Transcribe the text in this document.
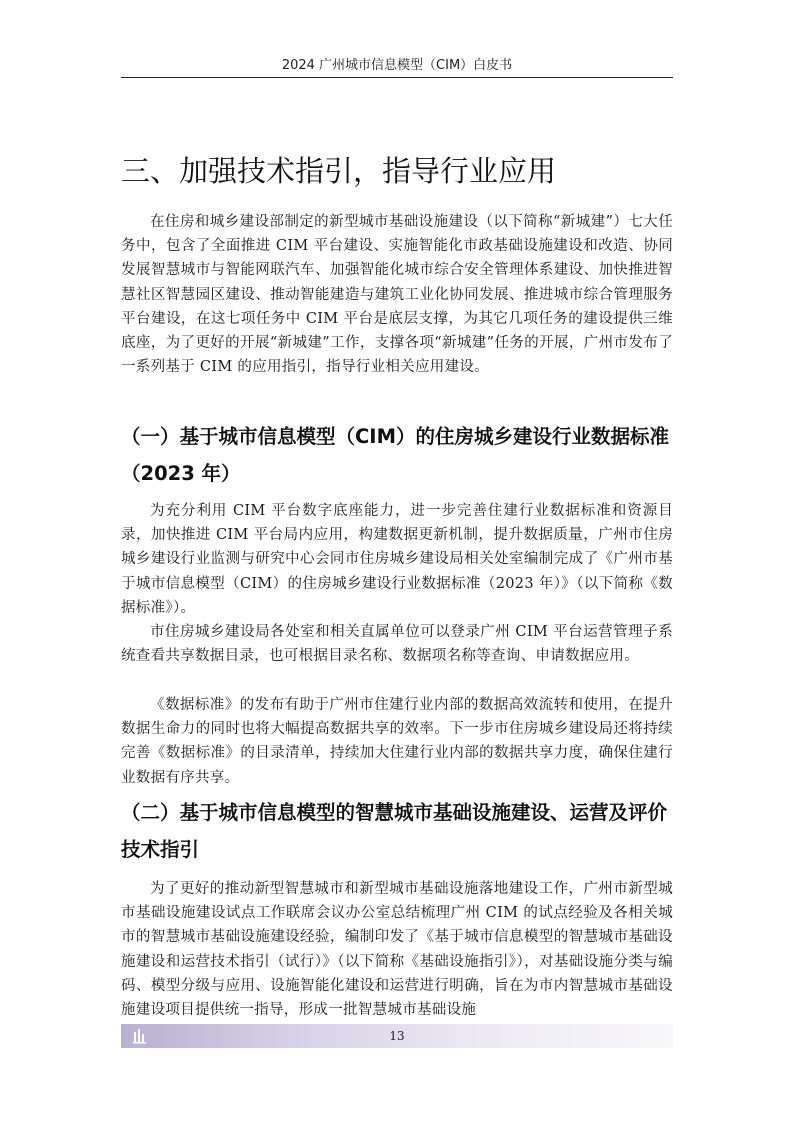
2024 广州城市信息模型（CIM）白皮书
三、加强技术指引，指导行业应用

在住房和城乡建设部制定的新型城市基础设施建设（以下简称“新城建”）七大任务中，包含了全面推进 CIM 平台建设、实施智能化市政基础设施建设和改造、协同发展智慧城市与智能网联汽车、加强智能化城市综合安全管理体系建设、加快推进智慧社区智慧园区建设、推动智能建造与建筑工业化协同发展、推进城市综合管理服务平台建设，在这七项任务中 CIM 平台是底层支撑，为其它几项任务的建设提供三维底座，为了更好的开展“新城建”工作，支撑各项“新城建”任务的开展，广州市发布了一系列基于 CIM 的应用指引，指导行业相关应用建设。

（一）基于城市信息模型（CIM）的住房城乡建设行业数据标准（2023 年）

为充分利用 CIM 平台数字底座能力，进一步完善住建行业数据标准和资源目录，加快推进 CIM 平台局内应用，构建数据更新机制，提升数据质量，广州市住房城乡建设行业监测与研究中心会同市住房城乡建设局相关处室编制完成了《广州市基于城市信息模型（CIM）的住房城乡建设行业数据标准（2023 年）》（以下简称《数据标准》）。

市住房城乡建设局各处室和相关直属单位可以登录广州 CIM 平台运营管理子系统查看共享数据目录，也可根据目录名称、数据项名称等查询、申请数据应用。

《数据标准》的发布有助于广州市住建行业内部的数据高效流转和使用，在提升数据生命力的同时也将大幅提高数据共享的效率。下一步市住房城乡建设局还将持续完善《数据标准》的目录清单，持续加大住建行业内部的数据共享力度，确保住建行业数据有序共享。

（二）基于城市信息模型的智慧城市基础设施建设、运营及评价技术指引

为了更好的推动新型智慧城市和新型城市基础设施落地建设工作，广州市新型城市基础设施建设试点工作联席会议办公室总结梳理广州 CIM 的试点经验及各相关城市的智慧城市基础设施建设经验，编制印发了《基于城市信息模型的智慧城市基础设施建设和运营技术指引（试行）》（以下简称《基础设施指引》），对基础设施分类与编码、模型分级与应用、设施智能化建设和运营进行明确，旨在为市内智慧城市基础设施建设项目提供统一指导，形成一批智慧城市基础设施

13
